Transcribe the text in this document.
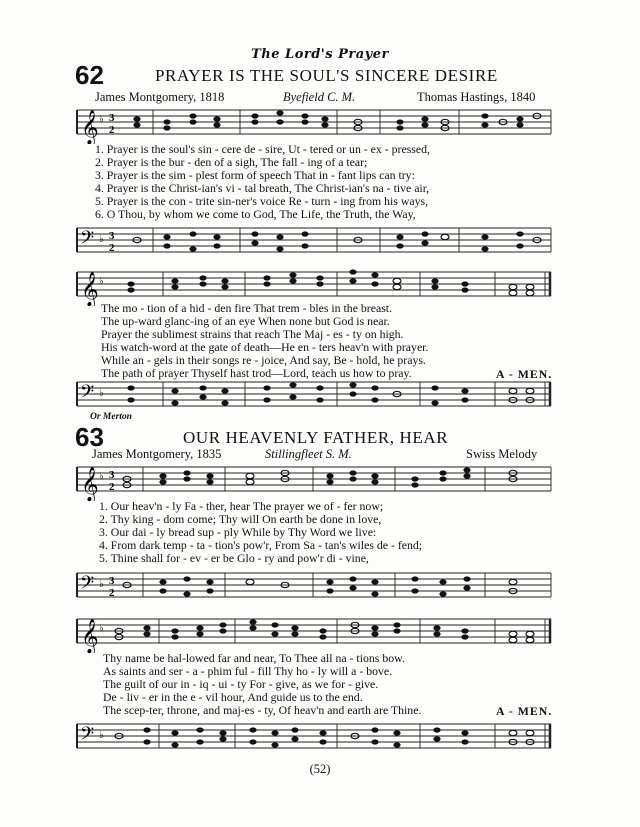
The Lord's Prayer
62	PRAYER IS THE SOUL'S SINCERE DESIRE
James Montgomery, 1818	Byefield C. M.	Thomas Hastings, 1840
𝄞 ♭ 3
2
1. Prayer is the soul's sin - cere de - sire, Ut - tered or un - ex - pressed,
2. Prayer is the bur - den of a sigh, The fall - ing of a tear;
3. Prayer is the sim - plest form of speech That in - fant lips can try:
4. Prayer is the Christ-ian's vi - tal breath, The Christ-ian's na - tive air,
5. Prayer is the con - trite sin-ner's voice Re - turn - ing from his ways,
6. O Thou, by whom we come to God, The Life, the Truth, the Way,
𝄢 ♭ 3
2
𝄞 ♭
The mo - tion of a hid - den fire That trem - bles in the breast.
The up-ward glanc-ing of an eye When none but God is near.
Prayer the sublimest strains that reach The Maj - es - ty on high.
His watch-word at the gate of death—He en - ters heav'n with prayer.
While an - gels in their songs re - joice, And say, Be - hold, he prays.
The path of prayer Thyself hast trod—Lord, teach us how to pray.	A - MEN.
𝄢 ♭
Or Merton
63	OUR HEAVENLY FATHER, HEAR
James Montgomery, 1835	Stillingfleet S. M.	Swiss Melody
𝄞 ♭ 3
2
1. Our heav'n - ly Fa - ther, hear The prayer we of - fer now;
2. Thy king - dom come; Thy will On earth be done in love,
3. Our dai - ly bread sup - ply While by Thy Word we live:
4. From dark temp - ta - tion's pow'r, From Sa - tan's wiles de - fend;
5. Thine shall for - ev - er be Glo - ry and pow'r di - vine,
𝄢 ♭ 3
2
𝄞 ♭
Thy name be hal-lowed far and near, To Thee all na - tions bow.
As saints and ser - a - phim ful - fill Thy ho - ly will a - bove.
The guilt of our in - iq - ui - ty For - give, as we for - give.
De - liv - er in the e - vil hour, And guide us to the end.
The scep-ter, throne, and maj-es - ty, Of heav'n and earth are Thine.	A - MEN.
𝄢 ♭
(52)
